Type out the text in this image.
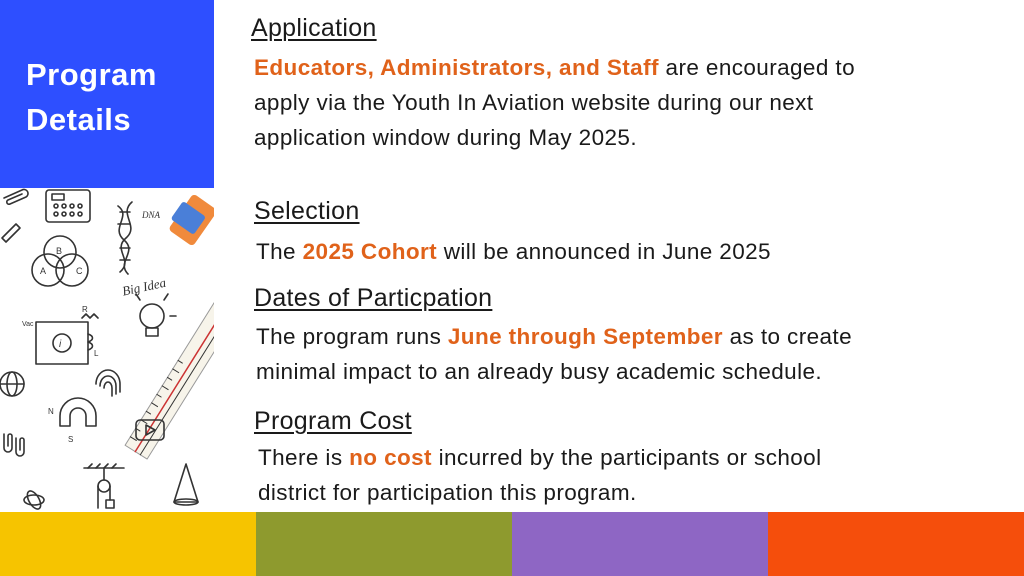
Program
Details
DNA
A
B
C
Big Idea
i
R
L
Vac
N
S
Application
Educators, Administrators, and Staff are encouraged to
apply via the Youth In Aviation website during our next
application window during May 2025.
Selection
The 2025 Cohort will be announced in June 2025
Dates of Particpation
The program runs June through September as to create
minimal impact to an already busy academic schedule.
Program Cost
There is no cost incurred by the participants or school
district for participation this program.
